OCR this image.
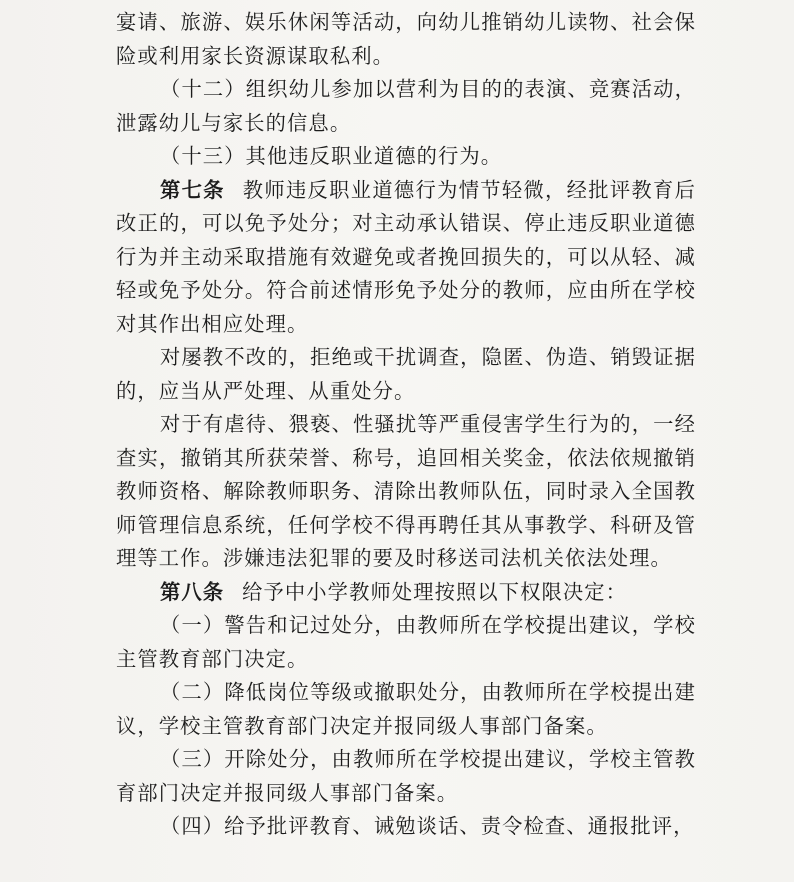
宴请、旅游、娱乐休闲等活动，向幼儿推销幼儿读物、社会保险或利用家长资源谋取私利。

（十二）组织幼儿参加以营利为目的的表演、竞赛活动，泄露幼儿与家长的信息。

（十三）其他违反职业道德的行为。

第七条 教师违反职业道德行为情节轻微，经批评教育后改正的，可以免予处分；对主动承认错误、停止违反职业道德行为并主动采取措施有效避免或者挽回损失的，可以从轻、减轻或免予处分。符合前述情形免予处分的教师，应由所在学校对其作出相应处理。

对屡教不改的，拒绝或干扰调查，隐匿、伪造、销毁证据的，应当从严处理、从重处分。

对于有虐待、猥亵、性骚扰等严重侵害学生行为的，一经查实，撤销其所获荣誉、称号，追回相关奖金，依法依规撤销教师资格、解除教师职务、清除出教师队伍，同时录入全国教师管理信息系统，任何学校不得再聘任其从事教学、科研及管理等工作。涉嫌违法犯罪的要及时移送司法机关依法处理。

第八条 给予中小学教师处理按照以下权限决定：

（一）警告和记过处分，由教师所在学校提出建议，学校主管教育部门决定。

（二）降低岗位等级或撤职处分，由教师所在学校提出建议，学校主管教育部门决定并报同级人事部门备案。

（三）开除处分，由教师所在学校提出建议，学校主管教育部门决定并报同级人事部门备案。

（四）给予批评教育、诫勉谈话、责令检查、通报批评，
